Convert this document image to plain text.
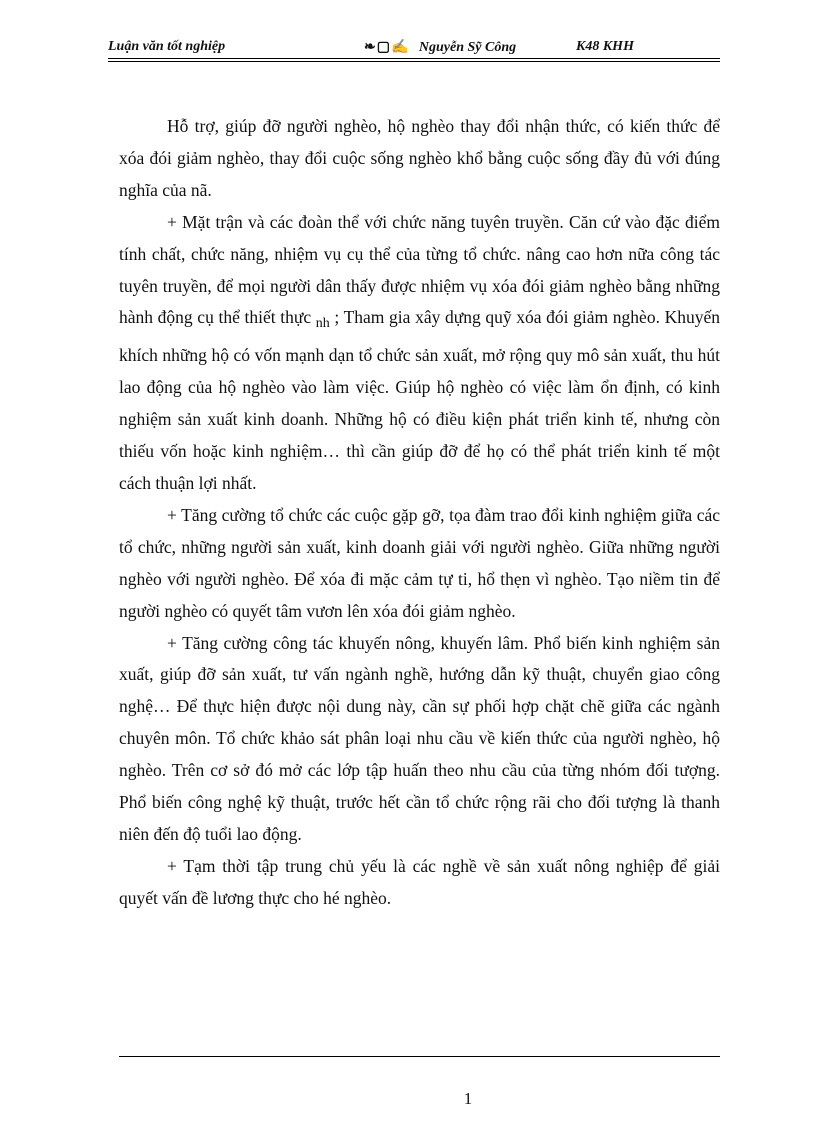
Luận văn tốt nghiệp	❧▢✍ Nguyễn Sỹ Công	K48 KHH

Hỗ trợ, giúp đỡ người nghèo, hộ nghèo thay đổi nhận thức, có kiến thức để xóa đói giảm nghèo, thay đổi cuộc sống nghèo khổ bằng cuộc sống đầy đủ với đúng nghĩa của nã.

+ Mặt trận và các đoàn thể với chức năng tuyên truyền. Căn cứ vào đặc điểm tính chất, chức năng, nhiệm vụ cụ thể của từng tổ chức. nâng cao hơn nữa công tác tuyên truyền, để mọi người dân thấy được nhiệm vụ xóa đói giảm nghèo bằng những hành động cụ thể thiết thực $_{nh}$ ; Tham gia xây dựng quỹ xóa đói giảm nghèo. Khuyến khích những hộ có vốn mạnh dạn tổ chức sản xuất, mở rộng quy mô sản xuất, thu hút lao động của hộ nghèo vào làm việc. Giúp hộ nghèo có việc làm ổn định, có kinh nghiệm sản xuất kinh doanh. Những hộ có điều kiện phát triển kinh tế, nhưng còn thiếu vốn hoặc kinh nghiệm… thì cần giúp đỡ để họ có thể phát triển kinh tế một cách thuận lợi nhất.

+ Tăng cường tổ chức các cuộc gặp gỡ, tọa đàm trao đổi kinh nghiệm giữa các tổ chức, những người sản xuất, kinh doanh giải với người nghèo. Giữa những người nghèo với người nghèo. Để xóa đi mặc cảm tự ti, hổ thẹn vì nghèo. Tạo niềm tin để người nghèo có quyết tâm vươn lên xóa đói giảm nghèo.

+ Tăng cường công tác khuyến nông, khuyến lâm. Phổ biến kinh nghiệm sản xuất, giúp đỡ sản xuất, tư vấn ngành nghề, hướng dẫn kỹ thuật, chuyển giao công nghệ… Để thực hiện được nội dung này, cần sự phối hợp chặt chẽ giữa các ngành chuyên môn. Tổ chức khảo sát phân loại nhu cầu về kiến thức của người nghèo, hộ nghèo. Trên cơ sở đó mở các lớp tập huấn theo nhu cầu của từng nhóm đối tượng. Phổ biến công nghệ kỹ thuật, trước hết cần tổ chức rộng rãi cho đối tượng là thanh niên đến độ tuổi lao động.

+ Tạm thời tập trung chủ yếu là các nghề về sản xuất nông nghiệp để giải quyết vấn đề lương thực cho hé nghèo.

1
